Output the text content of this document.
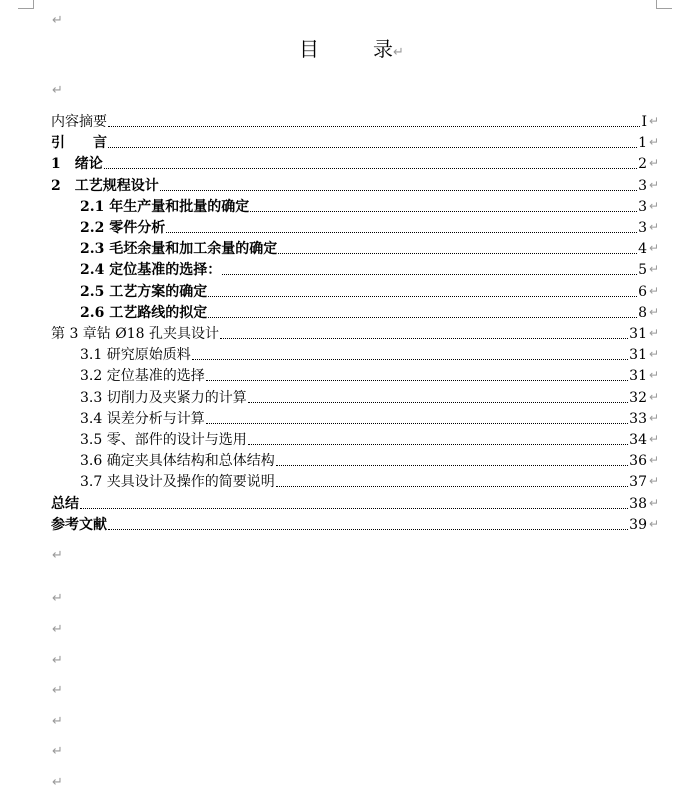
↵
目	录↵
↵
内容摘要	I ↵
引　　言	1 ↵
1　绪论	2 ↵
2　工艺规程设计	3 ↵
2.1 年生产量和批量的确定	3 ↵
2.2 零件分析	3 ↵
2.3 毛坯余量和加工余量的确定	4 ↵
2.4 定位基准的选择：	5 ↵
2.5 工艺方案的确定	6 ↵
2.6 工艺路线的拟定	8 ↵
第 3 章钻 Ø18 孔夹具设计	31 ↵
3.1 研究原始质料	31 ↵
3.2 定位基准的选择	31 ↵
3.3 切削力及夹紧力的计算	32 ↵
3.4 误差分析与计算	33 ↵
3.5 零、部件的设计与选用	34 ↵
3.6 确定夹具体结构和总体结构	36 ↵
3.7 夹具设计及操作的简要说明	37 ↵
总结	38 ↵
参考文献	39 ↵
↵
↵
↵
↵
↵
↵
↵
↵
